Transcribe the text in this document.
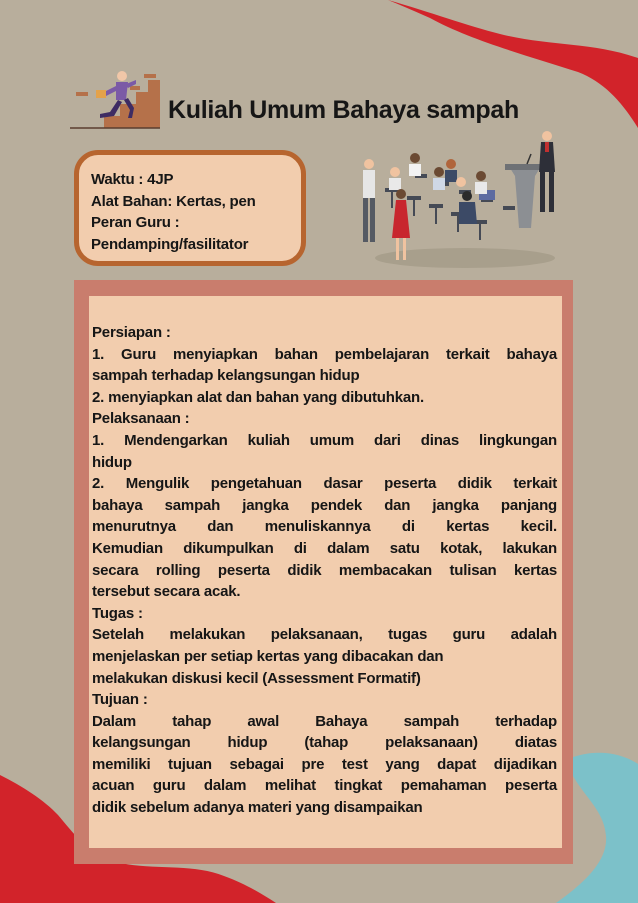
Kuliah Umum Bahaya sampah
Waktu : 4JP
Alat Bahan: Kertas, pen
Peran Guru :
Pendamping/fasilitator

Persiapan :

1. Guru menyiapkan bahan pembelajaran terkait bahaya

sampah terhadap kelangsungan hidup

2. menyiapkan alat dan bahan yang dibutuhkan.

Pelaksanaan :

1. Mendengarkan kuliah umum dari dinas lingkungan

hidup

2. Mengulik pengetahuan dasar peserta didik terkait

bahaya sampah jangka pendek dan jangka panjang

menurutnya dan menuliskannya di kertas kecil.

Kemudian dikumpulkan di dalam satu kotak, lakukan

secara rolling peserta didik membacakan tulisan kertas

tersebut secara acak.

Tugas :

Setelah melakukan pelaksanaan, tugas guru adalah

menjelaskan per setiap kertas yang dibacakan dan

melakukan diskusi kecil (Assessment Formatif)

Tujuan :

Dalam tahap awal Bahaya sampah terhadap

kelangsungan hidup (tahap pelaksanaan) diatas

memiliki tujuan sebagai pre test yang dapat dijadikan

acuan guru dalam melihat tingkat pemahaman peserta

didik sebelum adanya materi yang disampaikan
